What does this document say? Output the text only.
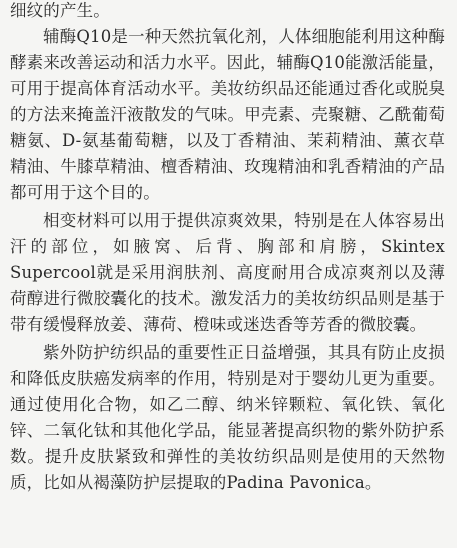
细纹的产生。

辅酶Q10是一种天然抗氧化剂，人体细胞能利用这种酶酵素来改善运动和活力水平。因此，辅酶Q10能激活能量，可用于提高体育活动水平。美妆纺织品还能通过香化或脱臭的方法来掩盖汗液散发的气味。甲壳素、壳聚糖、乙酰葡萄糖氨、D-氨基葡萄糖，以及丁香精油、茉莉精油、薰衣草精油、牛膝草精油、檀香精油、玫瑰精油和乳香精油的产品都可用于这个目的。

相变材料可以用于提供凉爽效果，特别是在人体容易出汗的部位，如腋窝、后背、胸部和肩膀，Skintex Supercool就是采用润肤剂、高度耐用合成凉爽剂以及薄荷醇进行微胶囊化的技术。激发活力的美妆纺织品则是基于带有缓慢释放姜、薄荷、橙味或迷迭香等芳香的微胶囊。

紫外防护纺织品的重要性正日益增强，其具有防止皮损和降低皮肤癌发病率的作用，特别是对于婴幼儿更为重要。通过使用化合物，如乙二醇、纳米锌颗粒、氧化铁、氧化锌、二氧化钛和其他化学品，能显著提高织物的紫外防护系数。提升皮肤紧致和弹性的美妆纺织品则是使用的天然物质，比如从褐藻防护层提取的Padina Pavonica。
